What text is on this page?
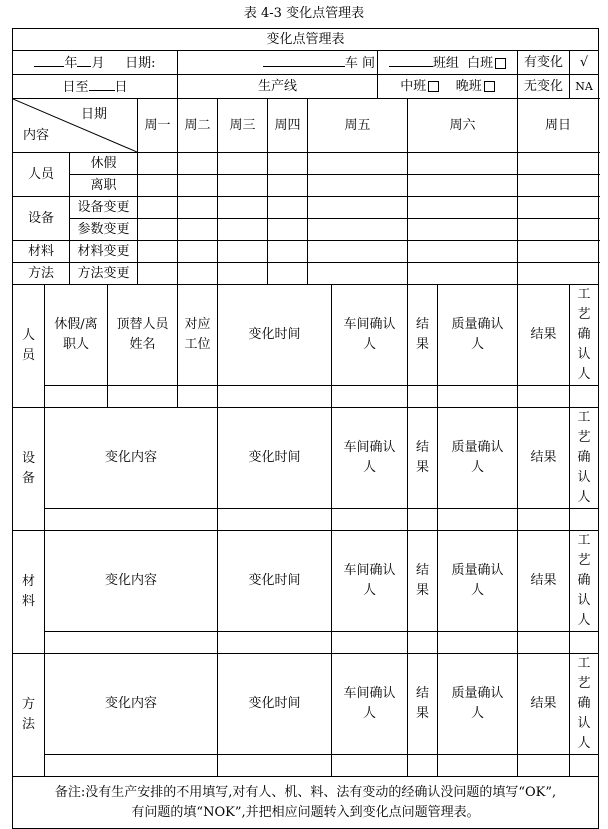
表 4-3 变化点管理表
变化点管理表															
年 月 日期:					车 间					班组 白班			有变化	√	
日至 日					生产线					中班 晚班			无变化	NA	

日期
内容				周一	周二	周三	周四	周五			周六		周日		
人员		休假													
		离职													
设备		设备变更													
		参数变更													
材料		材料变更													
方法		方法变更													
人员	休假/离职人		顶替人员姓名		对应工位	变化时间			车间确认人		结果	质量确认人	结果	工艺确认人	

设备	变化内容					变化时间			车间确认人		结果	质量确认人	结果	工艺确认人	

材料	变化内容					变化时间			车间确认人		结果	质量确认人	结果	工艺确认人	

方法	变化内容					变化时间			车间确认人		结果	质量确认人	结果	工艺确认人	

备注:没有生产安排的不用填写,对有人、机、料、法有变动的经确认没问题的填写“OK”,
有问题的填“NOK”,并把相应问题转入到变化点问题管理表。															
